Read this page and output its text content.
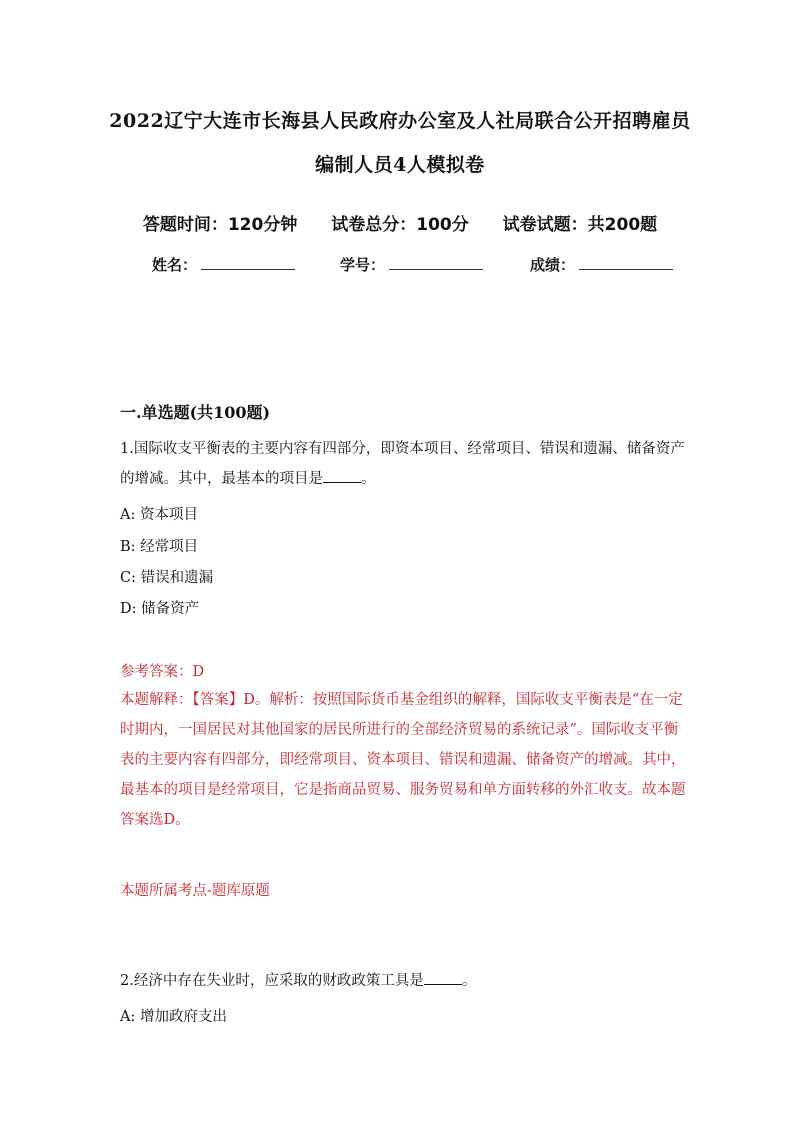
2022辽宁大连市长海县人民政府办公室及人社局联合公开招聘雇员
编制人员4人模拟卷
答题时间：120分钟 试卷总分：100分 试卷试题：共200题
姓名：	学号：	成绩：
一.单选题(共100题)
1.国际收支平衡表的主要内容有四部分，即资本项目、经常项目、错误和遗漏、储备资产的增减。其中，最基本的项目是	。
A: 资本项目
B: 经常项目
C: 错误和遗漏
D: 储备资产
参考答案：D
本题解释：【答案】D。解析：按照国际货币基金组织的解释，国际收支平衡表是“在一定时期内，一国居民对其他国家的居民所进行的全部经济贸易的系统记录”。国际收支平衡表的主要内容有四部分，即经常项目、资本项目、错误和遗漏、储备资产的增减。其中，最基本的项目是经常项目，它是指商品贸易、服务贸易和单方面转移的外汇收支。故本题答案选D。
本题所属考点-题库原题
2.经济中存在失业时，应采取的财政政策工具是	。
A: 增加政府支出
